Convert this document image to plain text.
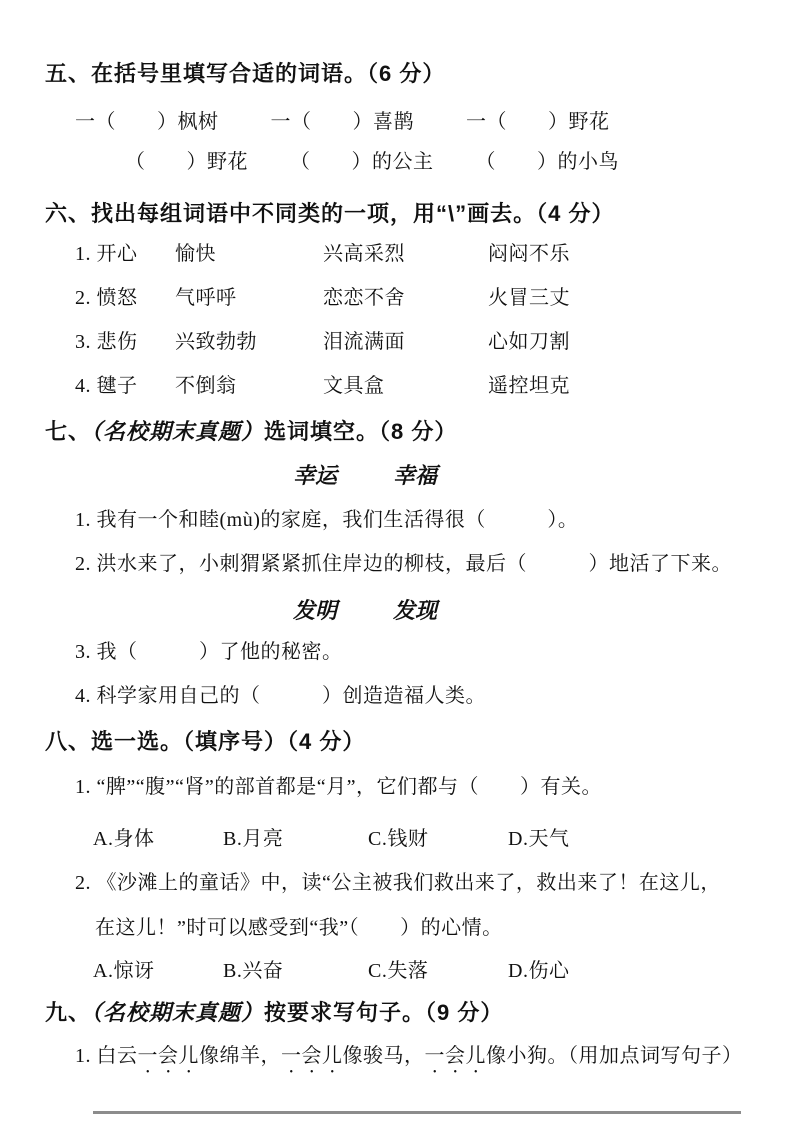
五、在括号里填写合适的词语。（6 分）
一（　　）枫树	一（　　）喜鹊	一（　　）野花
（　　）野花 （　　）的公主 （　　）的小鸟
六、找出每组词语中不同类的一项，用“\”画去。（4 分）
1. 开心	愉快	兴高采烈	闷闷不乐
2. 愤怒	气呼呼	恋恋不舍	火冒三丈
3. 悲伤	兴致勃勃	泪流满面	心如刀割
4. 毽子	不倒翁	文具盒	遥控坦克
七、（名校期末真题）选词填空。（8 分）
幸运	幸福
1. 我有一个和睦(mù)的家庭，我们生活得很（　　　）。
2. 洪水来了，小刺猬紧紧抓住岸边的柳枝，最后（　　　）地活了下来。
发明	发现
3. 我（　　　）了他的秘密。
4. 科学家用自己的（　　　）创造造福人类。
八、选一选。（填序号）（4 分）
1. “脾”“腹”“肾”的部首都是“月”，它们都与（　　）有关。
A.身体	B.月亮	C.钱财	D.天气
2. 《沙滩上的童话》中，读“公主被我们救出来了，救出来了！在这儿，
在这儿！”时可以感受到“我”（　　）的心情。
A.惊讶	B.兴奋	C.失落	D.伤心
九、（名校期末真题）按要求写句子。（9 分）
1. 白云一会儿像绵羊，一会儿像骏马，一会儿像小狗。（用加点词写句子）
